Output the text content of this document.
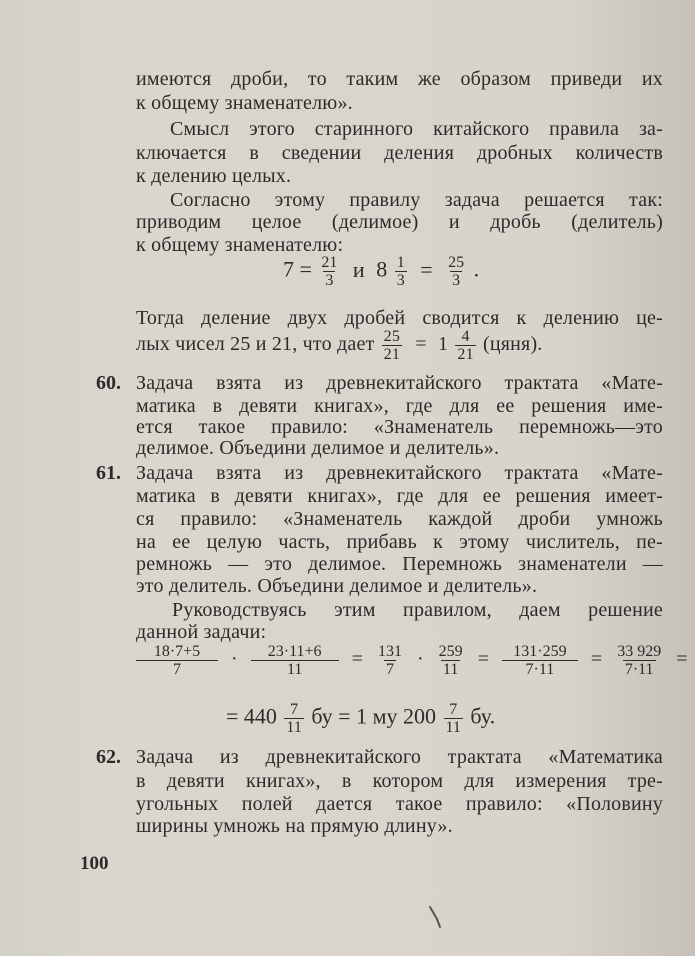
имеются дроби, то таким же образом приведи их
к общему знаменателю».
Смысл этого старинного китайского правила за-
ключается в сведении деления дробных количеств
к делению целых.
Согласно этому правилу задача решается так:
приводим целое (делимое) и дробь (делитель)
к общему знаменателю:
$7 = \frac{21}{3}$ и $8 \frac{1}{3} = \frac{25}{3}$ .
Тогда деление двух дробей сводится к делению це-
лых чисел 25 и 21, что дает $\frac{25}{21} = 1 \frac{4}{21}$ (цяня).
60. Задача взята из древнекитайского трактата «Мате-
матика в девяти книгах», где для ее решения име-
ется такое правило: «Знаменатель перемножь—это
делимое. Объедини делимое и делитель».
61. Задача взята из древнекитайского трактата «Мате-
матика в девяти книгах», где для ее решения имеет-
ся правило: «Знаменатель каждой дроби умножь
на ее целую часть, прибавь к этому числитель, пе-
ремножь — это делимое. Перемножь знаменатели —
это делитель. Объедини делимое и делитель».
Руководствуясь этим правилом, даем решение
данной задачи:
$\frac{18\cdot 7+5}{7} \cdot \frac{23\cdot 11+6}{11} = \frac{131}{7} \cdot \frac{259}{11} = \frac{131\cdot 259}{7\cdot 11} = \frac{33 929}{7\cdot 11}$ =
= $440 \frac{7}{11}$ бу = 1 му $200 \frac{7}{11}$ бу.
62. Задача из древнекитайского трактата «Математика
в девяти книгах», в котором для измерения тре-
угольных полей дается такое правило: «Половину
ширины умножь на прямую длину».
100
